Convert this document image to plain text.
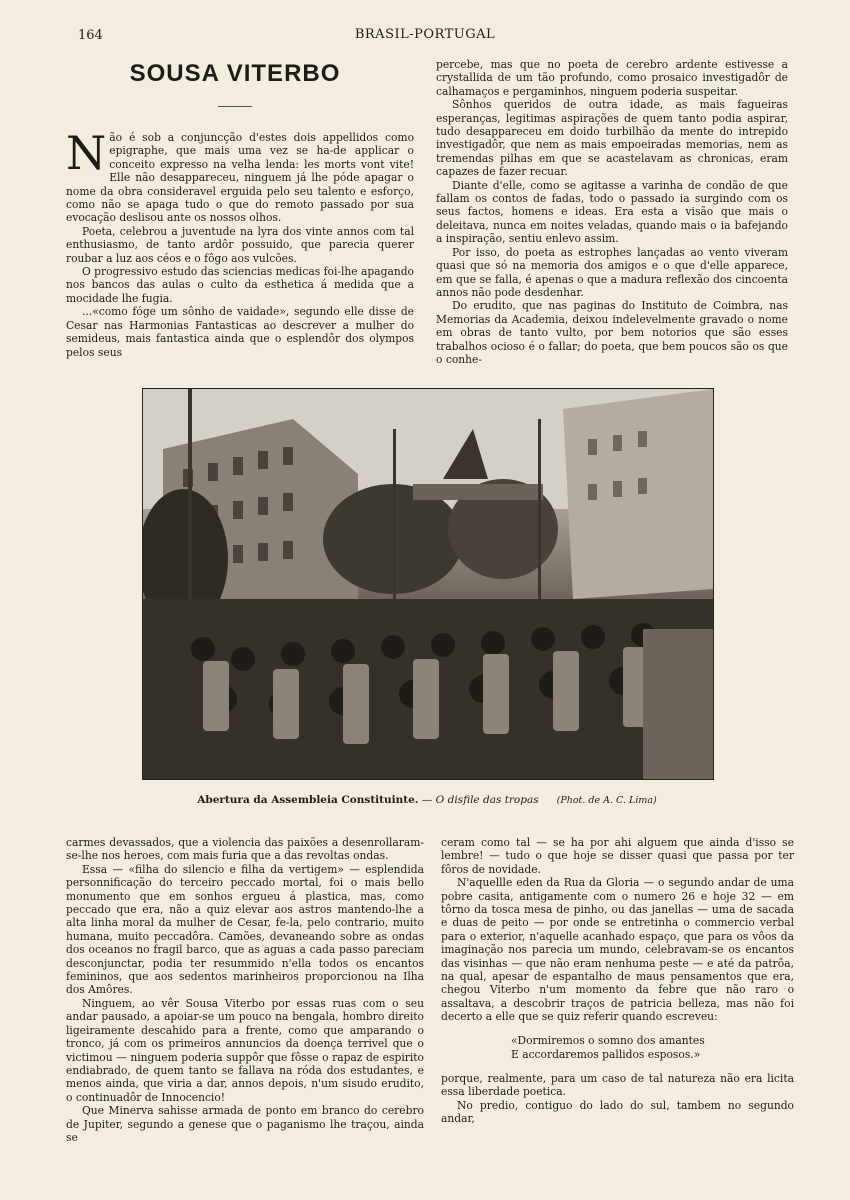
164	BRASIL-PORTUGAL
SOUSA VITERBO

Não é sob a conjuncção d'estes dois appellidos como epigraphe, que mais uma vez se ha-de applicar o conceito expresso na velha lenda: les morts vont vite! Elle não desappareceu, ninguem já lhe póde apagar o nome da obra consideravel erguida pelo seu talento e esforço, como não se apaga tudo o que do remoto passado por sua evocação deslisou ante os nossos olhos.

Poeta, celebrou a juventude na lyra dos vinte annos com tal enthusiasmo, de tanto ardôr possuido, que parecia querer roubar a luz aos céos e o fôgo aos vulcões.

O progressivo estudo das sciencias medicas foi-lhe apagando nos bancos das aulas o culto da esthetica á medida que a mocidade lhe fugia.

...«como fóge um sônho de vaidade», segundo elle disse de Cesar nas Harmonias Fantasticas ao descrever a mulher do semideus, mais fantastica ainda que o esplendôr dos olympos pelos seus

percebe, mas que no poeta de cerebro ardente estivesse a crystallida de um tão profundo, como prosaico investigadôr de calhamaços e pergaminhos, ninguem poderia suspeitar.

Sônhos queridos de outra idade, as mais fagueiras esperanças, legitimas aspirações de quem tanto podia aspirar, tudo desappareceu em doido turbilhão da mente do intrepido investigadôr, que nem as mais empoeiradas memorias, nem as tremendas pilhas em que se acastelavam as chronicas, eram capazes de fazer recuar.

Diante d'elle, como se agitasse a varinha de condão de que fallam os contos de fadas, todo o passado ia surgindo com os seus factos, homens e ideas. Era esta a visão que mais o deleitava, nunca em noites veladas, quando mais o ia bafejando a inspiração, sentiu enlevo assim.

Por isso, do poeta as estrophes lançadas ao vento viveram quasi que só na memoria dos amigos e o que d'elle apparece, em que se falla, é apenas o que a madura reflexão dos cincoenta annos não pode desdenhar.

Do erudito, que nas paginas do Instituto de Coimbra, nas Memorias da Academia, deixou indelevelmente gravado o nome em obras de tanto vulto, por bem notorios que são esses trabalhos ocioso é o fallar; do poeta, que bem poucos são os que o conhe-

Abertura da Assembleia Constituinte. — O disfile das tropas (Phot. de A. C. Lima)

carmes devassados, que a violencia das paixões a desenrollaram-se-lhe nos heroes, com mais furia que a das revoltas ondas.

Essa — «filha do silencio e filha da vertigem» — esplendida personnificação do terceiro peccado mortal, foi o mais bello monumento que em sonhos ergueu á plastica, mas, como peccado que era, não a quiz elevar aos astros mantendo-lhe a alta linha moral da mulher de Cesar, fe-la, pelo contrario, muito humana, muito peccadôra. Camões, devaneando sobre as ondas dos oceanos no fragil barco, que as aguas a cada passo pareciam desconjunctar, podia ter resummido n'ella todos os encantos femininos, que aos sedentos marinheiros proporcionou na Ilha dos Amôres.

Ninguem, ao vêr Sousa Viterbo por essas ruas com o seu andar pausado, a apoiar-se um pouco na bengala, hombro direito ligeiramente descahido para a frente, como que amparando o tronco, já com os primeiros annuncios da doença terrivel que o victimou — ninguem poderia suppôr que fôsse o rapaz de espirito endiabrado, de quem tanto se fallava na róda dos estudantes, e menos ainda, que viria a dar, annos depois, n'um sisudo erudito, o continuadôr de Innocencio!

Que Minerva sahisse armada de ponto em branco do cerebro de Jupiter, segundo a genese que o paganismo lhe traçou, ainda se

ceram como tal — se ha por ahi alguem que ainda d'isso se lembre! — tudo o que hoje se disser quasi que passa por ter fôros de novidade.

N'aquellle eden da Rua da Gloria — o segundo andar de uma pobre casita, antigamente com o numero 26 e hoje 32 — em tôrno da tosca mesa de pinho, ou das janellas — uma de sacada e duas de peito — por onde se entretinha o commercio verbal para o exterior, n'aquelle acanhado espaço, que para os vôos da imaginação nos parecia um mundo, celebravam-se os encantos das visinhas — que não eram nenhuma peste — e até da patrôa, na qual, apesar de espantalho de maus pensamentos que era, chegou Viterbo n'um momento da febre que não raro o assaltava, a descobrir traços de patricia belleza, mas não foi decerto a elle que se quiz referir quando escreveu:

«Dormiremos o somno dos amantes
E accordaremos pallidos esposos.»

porque, realmente, para um caso de tal natureza não era licita essa liberdade poetica.

No predio, contiguo do lado do sul, tambem no segundo andar,
